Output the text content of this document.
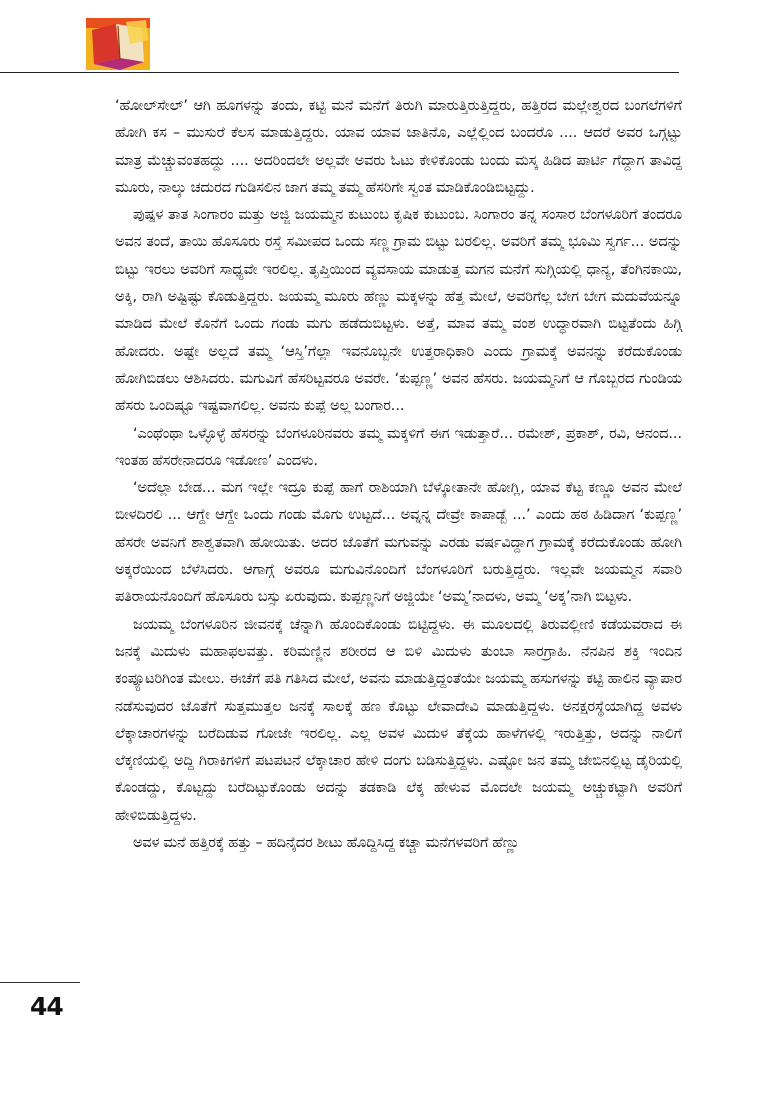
‘ಹೋಲ್‌ಸೇಲ್’ ಆಗಿ ಹೂಗಳನ್ನು ತಂದು, ಕಟ್ಟಿ ಮನೆ ಮನೆಗೆ ತಿರುಗಿ ಮಾರುತ್ತಿರುತ್ತಿದ್ದರು, ಹತ್ತಿರದ ಮಲ್ಲೇಶ್ವರದ ಬಂಗಲೆಗಳಿಗೆ ಹೋಗಿ ಕಸ – ಮುಸುರೆ ಕೆಲಸ ಮಾಡುತ್ತಿದ್ದರು. ಯಾವ ಯಾವ ಜಾತಿನೊ, ಎಲ್ಲೆಲ್ಲಿಂದ ಬಂದರೊ .... ಆದರೆ ಅವರ ಒಗ್ಗಟ್ಟು ಮಾತ್ರ ಮೆಚ್ಚುವಂತಹದ್ದು .... ಅದರಿಂದಲೇ ಅಲ್ಲವೇ ಅವರು ಓಟು ಕೇಳಿಕೊಂಡು ಬಂದು ಮಸ್ಕ ಹಿಡಿದ ಪಾರ್ಟಿ ಗೆದ್ದಾಗ ತಾವಿದ್ದ ಮೂರು, ನಾಲ್ಕು ಚದುರದ ಗುಡಿಸಲಿನ ಜಾಗ ತಮ್ಮ ತಮ್ಮ ಹೆಸರಿಗೇ ಸ್ವಂತ ಮಾಡಿಕೊಂಡಿಬಿಟ್ಟದ್ದು.

ಪುಷ್ಪಳ ತಾತ ಸಿಂಗಾರಂ ಮತ್ತು ಅಜ್ಜಿ ಜಯಮ್ಮನ ಕುಟುಂಬ ಕೃಷಿಕ ಕುಟುಂಬ. ಸಿಂಗಾರಂ ತನ್ನ ಸಂಸಾರ ಬೆಂಗಳೂರಿಗೆ ತಂದರೂ ಅವನ ತಂದೆ, ತಾಯಿ ಹೊಸೂರು ರಸ್ತೆ ಸಮೀಪದ ಒಂದು ಸಣ್ಣ ಗ್ರಾಮ ಬಿಟ್ಟು ಬರಲಿಲ್ಲ. ಅವರಿಗೆ ತಮ್ಮ ಭೂಮಿ ಸ್ವರ್ಗ... ಅದನ್ನು ಬಿಟ್ಟು ಇರಲು ಅವರಿಗೆ ಸಾಧ್ಯವೇ ಇರಲಿಲ್ಲ. ತೃಪ್ತಿಯಿಂದ ವ್ಯವಸಾಯ ಮಾಡುತ್ತ ಮಗನ ಮನೆಗೆ ಸುಗ್ಗಿಯಲ್ಲಿ ಧಾನ್ಯ, ತೆಂಗಿನಕಾಯಿ, ಅಕ್ಕಿ, ರಾಗಿ ಅಷ್ಟಿಷ್ಟು ಕೊಡುತ್ತಿದ್ದರು. ಜಯಮ್ಮ ಮೂರು ಹೆಣ್ಣು ಮಕ್ಕಳನ್ನು ಹೆತ್ತ ಮೇಲೆ, ಅವರಿಗೆಲ್ಲ ಬೇಗ ಬೇಗ ಮದುವೆಯನ್ನೂ ಮಾಡಿದ ಮೇಲೆ ಕೊನೆಗೆ ಒಂದು ಗಂಡು ಮಗು ಹಡೆದುಬಿಟ್ಟಳು. ಅತ್ತೆ, ಮಾವ ತಮ್ಮ ವಂಶ ಉದ್ಧಾರವಾಗಿ ಬಿಟ್ಟತೆಂದು ಹಿಗ್ಗಿ ಹೋದರು. ಅಷ್ಟೇ ಅಲ್ಲದೆ ತಮ್ಮ ‘ಆಸ್ತಿ’ಗೆಲ್ಲಾ ಇವನೊಬ್ಬನೇ ಉತ್ತರಾಧಿಕಾರಿ ಎಂದು ಗ್ರಾಮಕ್ಕೆ ಅವನನ್ನು ಕರೆದುಕೊಂಡು ಹೋಗಿಬಿಡಲು ಆಶಿಸಿದರು. ಮಗುವಿಗೆ ಹೆಸರಿಟ್ಟವರೂ ಅವರೇ. ‘ಕುಪ್ಪಣ್ಣ’ ಅವನ ಹೆಸರು. ಜಯಮ್ಮನಿಗೆ ಆ ಗೊಬ್ಬರದ ಗುಂಡಿಯ ಹೆಸರು ಒಂದಿಷ್ಟೂ ಇಷ್ಟವಾಗಲಿಲ್ಲ. ಅವನು ಕುಪ್ಪೆ ಅಲ್ಲ ಬಂಗಾರ...

‘ಎಂಥೆಂಥಾ ಒಳ್ಳೊಳ್ಳೆ ಹೆಸರನ್ನು ಬೆಂಗಳೂರಿನವರು ತಮ್ಮ ಮಕ್ಕಳಿಗೆ ಈಗ ಇಡುತ್ತಾರೆ... ರಮೇಶ್, ಪ್ರಕಾಶ್, ರವಿ, ಆನಂದ... ಇಂತಹ ಹೆಸರೇನಾದರೂ ಇಡೋಣ’ ಎಂದಳು.

‘ಅದೆಲ್ಲಾ ಬೇಡ... ಮಗ ಇಲ್ಲೇ ಇದ್ರೂ ಕುಪ್ಪೆ ಹಾಗೆ ರಾಶಿಯಾಗಿ ಬೆಳ್ಕೋತಾನೇ ಹೋಗ್ಲಿ, ಯಾವ ಕೆಟ್ಟ ಕಣ್ಣೂ ಅವನ ಮೇಲೆ ಬೀಳದಿರಲಿ ... ಆಗ್ದೇ ಆಗ್ದೇ ಒಂದು ಗಂಡು ಮೊಗು ಉಟ್ಟದೆ... ಅವ್ನನ್ನ ದೇವ್ರೇ ಕಾಪಾಡ್ಬೆ ...’ ಎಂದು ಹಠ ಹಿಡಿದಾಗ ‘ಕುಪ್ಪಣ್ಣ’ ಹೆಸರೇ ಅವನಿಗೆ ಶಾಶ್ವತವಾಗಿ ಹೋಯಿತು. ಅದರ ಜೊತೆಗೆ ಮಗುವನ್ನು ಎರಡು ವರ್ಷವಿದ್ದಾಗ ಗ್ರಾಮಕ್ಕೆ ಕರೆದುಕೊಂಡು ಹೋಗಿ ಅಕ್ಕರೆಯಿಂದ ಬೆಳೆಸಿದರು. ಆಗಾಗ್ಗೆ ಅವರೂ ಮಗುವಿನೊಂದಿಗೆ ಬೆಂಗಳೂರಿಗೆ ಬರುತ್ತಿದ್ದರು. ಇಲ್ಲವೇ ಜಯಮ್ಮನ ಸವಾರಿ ಪತಿರಾಯನೊಂದಿಗೆ ಹೊಸೂರು ಬಸ್ಸು ಏರುವುದು. ಕುಪ್ಪಣ್ಣನಿಗೆ ಅಜ್ಜಿಯೇ ‘ಅಮ್ಮ’ನಾದಳು, ಅಮ್ಮ ‘ಅಕ್ಕ’ನಾಗಿ ಬಿಟ್ಟಳು.

ಜಯಮ್ಮ ಬೆಂಗಳೂರಿನ ಜೀವನಕ್ಕೆ ಚೆನ್ನಾಗಿ ಹೊಂದಿಕೊಂಡು ಬಿಟ್ಟಿದ್ದಳು. ಈ ಮೂಲದಲ್ಲಿ ತಿರುವಲ್ಲೀಣಿ ಕಡೆಯವರಾದ ಈ ಜನಕ್ಕೆ ಮಿದುಳು ಮಹಾಫಲವತ್ತು. ಕರಿಮಣ್ಣಿನ ಶರೀರದ ಆ ಬಿಳಿ ಮಿದುಳು ತುಂಬಾ ಸಾರಗ್ರಾಹಿ. ನೆನಪಿನ ಶಕ್ತಿ ಇಂದಿನ ಕಂಪ್ಯೂಟರಿಗಿಂತ ಮೇಲು. ಈಚೆಗೆ ಪತಿ ಗತಿಸಿದ ಮೇಲೆ, ಅವನು ಮಾಡುತ್ತಿದ್ದಂತೆಯೇ ಜಯಮ್ಮ ಹಸುಗಳನ್ನು ಕಟ್ಟಿ ಹಾಲಿನ ವ್ಯಾಪಾರ ನಡೆಸುವುದರ ಜೊತೆಗೆ ಸುತ್ತಮುತ್ತಲ ಜನಕ್ಕೆ ಸಾಲಕ್ಕೆ ಹಣ ಕೊಟ್ಟು ಲೇವಾದೇವಿ ಮಾಡುತ್ತಿದ್ದಳು. ಅನಕ್ಷರಸ್ಥೆಯಾಗಿದ್ದ ಅವಳು ಲೆಕ್ಕಾಚಾರಗಳನ್ನು ಬರೆದಿಡುವ ಗೋಜೇ ಇರಲಿಲ್ಲ. ಎಲ್ಲ ಅವಳ ಮಿದುಳ ತೆಕ್ಕೆಯ ಹಾಳೆಗಳಲ್ಲಿ ಇರುತ್ತಿತ್ತು, ಅದನ್ನು ನಾಲಿಗೆ ಲೆಕ್ಕಣಿಯಲ್ಲಿ ಅದ್ದಿ ಗಿರಾಕಿಗಳಿಗೆ ಪಟಪಟನೆ ಲೆಕ್ಕಾಚಾರ ಹೇಳಿ ದಂಗು ಬಡಿಸುತ್ತಿದ್ದಳು. ಎಷ್ಟೋ ಜನ ತಮ್ಮ ಜೇಬಿನಲ್ಲಿಟ್ಟ ಡೈರಿಯಲ್ಲಿ ಕೊಂಡದ್ದು, ಕೊಟ್ಟದ್ದು ಬರೆದಿಟ್ಟುಕೊಂಡು ಅದನ್ನು ತಡಕಾಡಿ ಲೆಕ್ಕ ಹೇಳುವ ಮೊದಲೇ ಜಯಮ್ಮ ಅಚ್ಚುಕಟ್ಟಾಗಿ ಅವರಿಗೆ ಹೇಳಿಬಿಡುತ್ತಿದ್ದಳು.

ಅವಳ ಮನೆ ಹತ್ತಿರಕ್ಕೆ ಹತ್ತು – ಹದಿನೈದರ ಶೀಟು ಹೊದ್ದಿಸಿದ್ದ ಕಚ್ಚಾ ಮನೆಗಳವರಿಗೆ ಹೆಣ್ಣು

44
